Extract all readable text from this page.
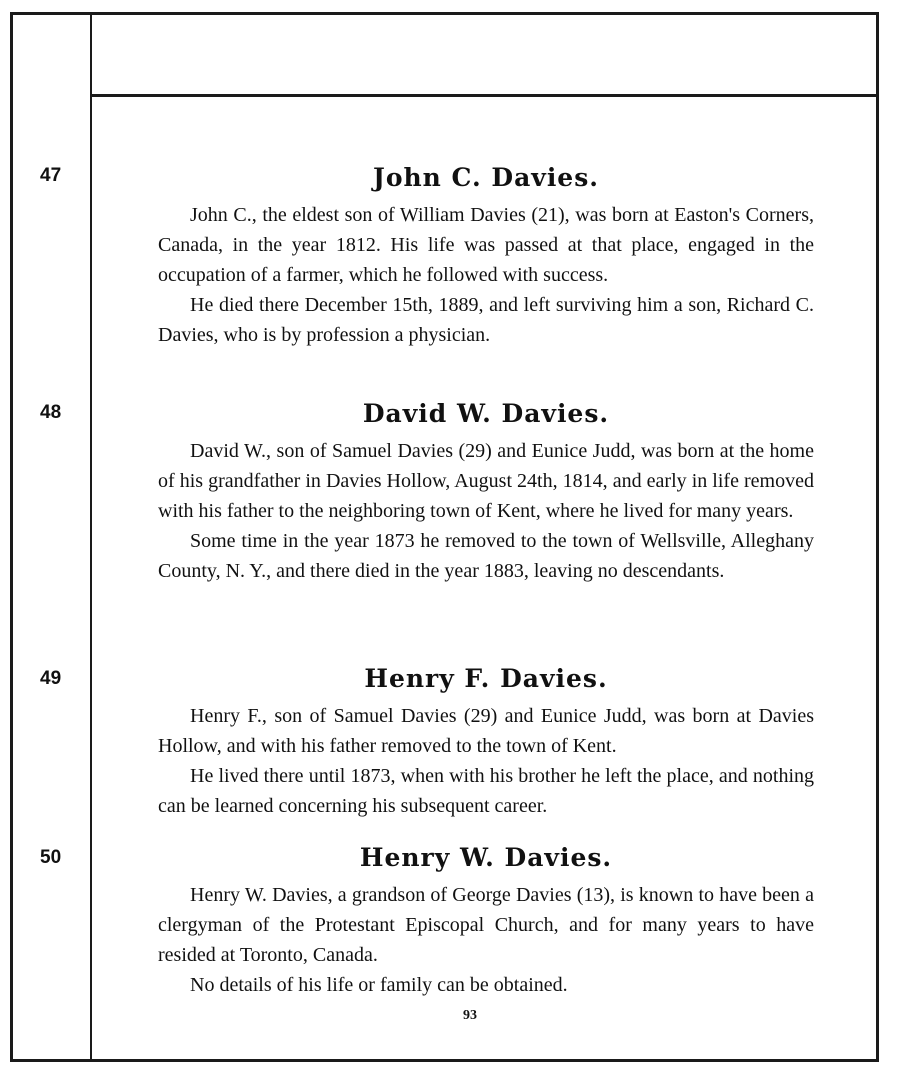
47	John C. Davies.

John C., the eldest son of William Davies (21), was born at Easton's Corners, Canada, in the year 1812. His life was passed at that place, engaged in the occupation of a farmer, which he followed with success.

He died there December 15th, 1889, and left surviving him a son, Richard C. Davies, who is by profession a physician.

48	David W. Davies.

David W., son of Samuel Davies (29) and Eunice Judd, was born at the home of his grandfather in Davies Hollow, August 24th, 1814, and early in life removed with his father to the neighboring town of Kent, where he lived for many years.

Some time in the year 1873 he removed to the town of Wellsville, Alleghany County, N. Y., and there died in the year 1883, leaving no descendants.

49	Henry F. Davies.

Henry F., son of Samuel Davies (29) and Eunice Judd, was born at Davies Hollow, and with his father removed to the town of Kent.

He lived there until 1873, when with his brother he left the place, and nothing can be learned concerning his subsequent career.

50	Henry W. Davies.

Henry W. Davies, a grandson of George Davies (13), is known to have been a clergyman of the Protestant Episcopal Church, and for many years to have resided at Toronto, Canada.

No details of his life or family can be obtained.

93
